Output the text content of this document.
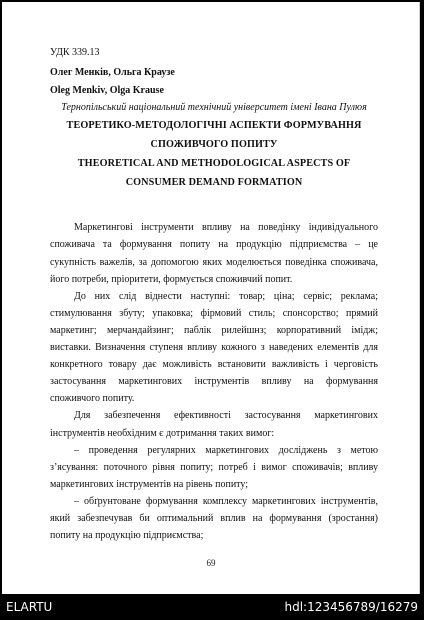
УДК 339.13

Олег Менків, Ольга Краузе

Oleg Menkiv, Olga Krause

Тернопільський національний технічний університет імені Івана Пулюя

ТЕОРЕТИКО-МЕТОДОЛОГІЧНІ АСПЕКТИ ФОРМУВАННЯ

СПОЖИВЧОГО ПОПИТУ

THEORETICAL AND METHODOLOGICAL ASPECTS OF

CONSUMER DEMAND FORMATION

Маркетингові інструменти впливу на поведінку індивідуального споживача та формування попиту на продукцію підприємства – це сукупність важелів, за допомогою яких моделюється поведінка споживача, його потреби, пріоритети, формується споживчий попит.

До них слід віднести наступні: товар; ціна; сервіс; реклама; стимулювання збуту; упаковка; фірмовий стиль; спонсорство; прямий маркетинг; мерчандайзинг; паблік рилейшнз; корпоративний імідж; виставки. Визначення ступеня впливу кожного з наведених елементів для конкретного товару дає можливість встановити важливість і черговість застосування маркетингових інструментів впливу на формування споживчого попиту.

Для забезпечення ефективності застосування маркетингових інструментів необхідним є дотримання таких вимог:

– проведення регулярних маркетингових досліджень з метою з’ясування: поточного рівня попиту; потреб і вимог споживачів; впливу маркетингових інструментів на рівень попиту;

– обґрунтоване формування комплексу маркетингових інструментів, який забезпечував би оптимальний вплив на формування (зростання) попиту на продукцію підприємства;

69
ELARTU	hdl:123456789/16279
